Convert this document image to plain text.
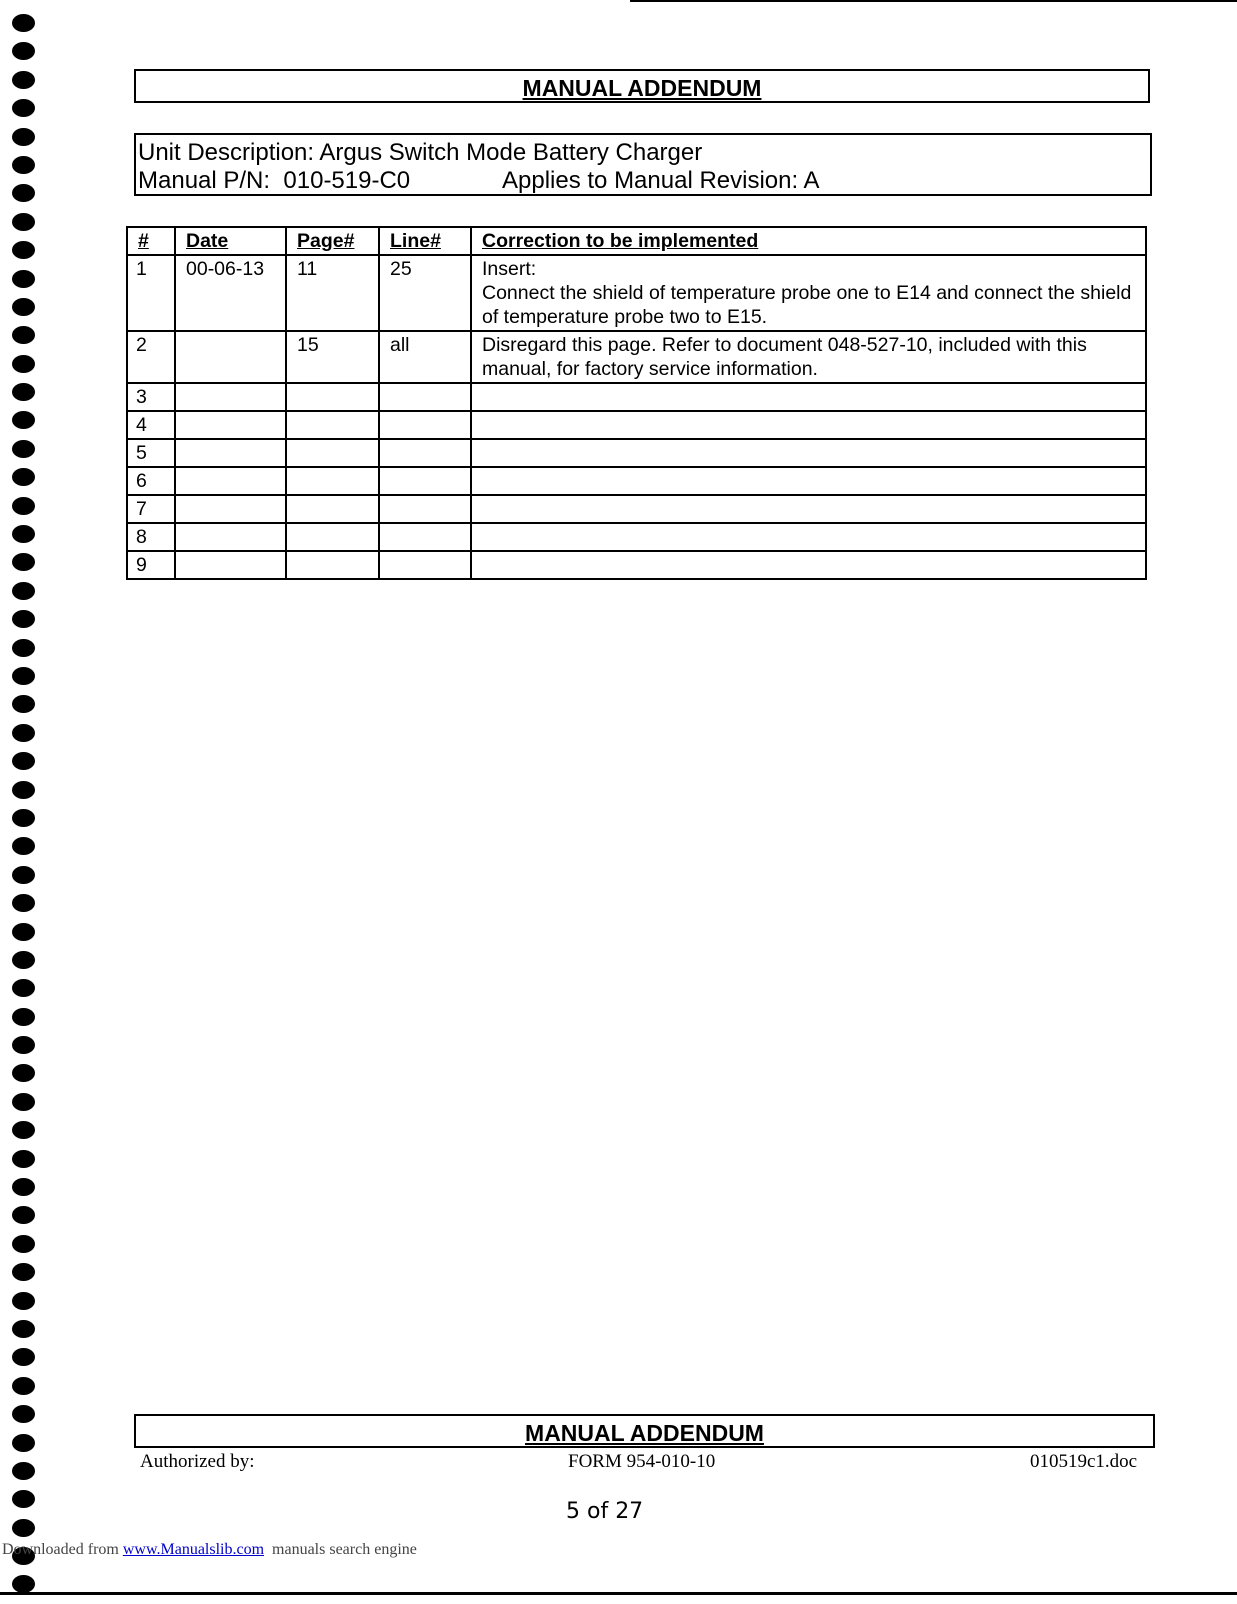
MANUAL ADDENDUM
Unit Description: Argus Switch Mode Battery Charger
Manual P/N:  010-519-C0	Applies to Manual Revision: A
#	Date	Page#	Line#	Correction to be implemented
1	00-06-13	11	25	Insert:
Connect the shield of temperature probe one to E14 and connect the shield of temperature probe two to E15.

2		15	all	Disregard this page. Refer to document 048-527-10, included with this manual, for factory service information.

3				
4				
5				
6				
7				
8				
9				
MANUAL ADDENDUM
Authorized by:	FORM 954-010-10	010519c1.doc
5 of 27
Downloaded from www.Manualslib.com  manuals search engine
